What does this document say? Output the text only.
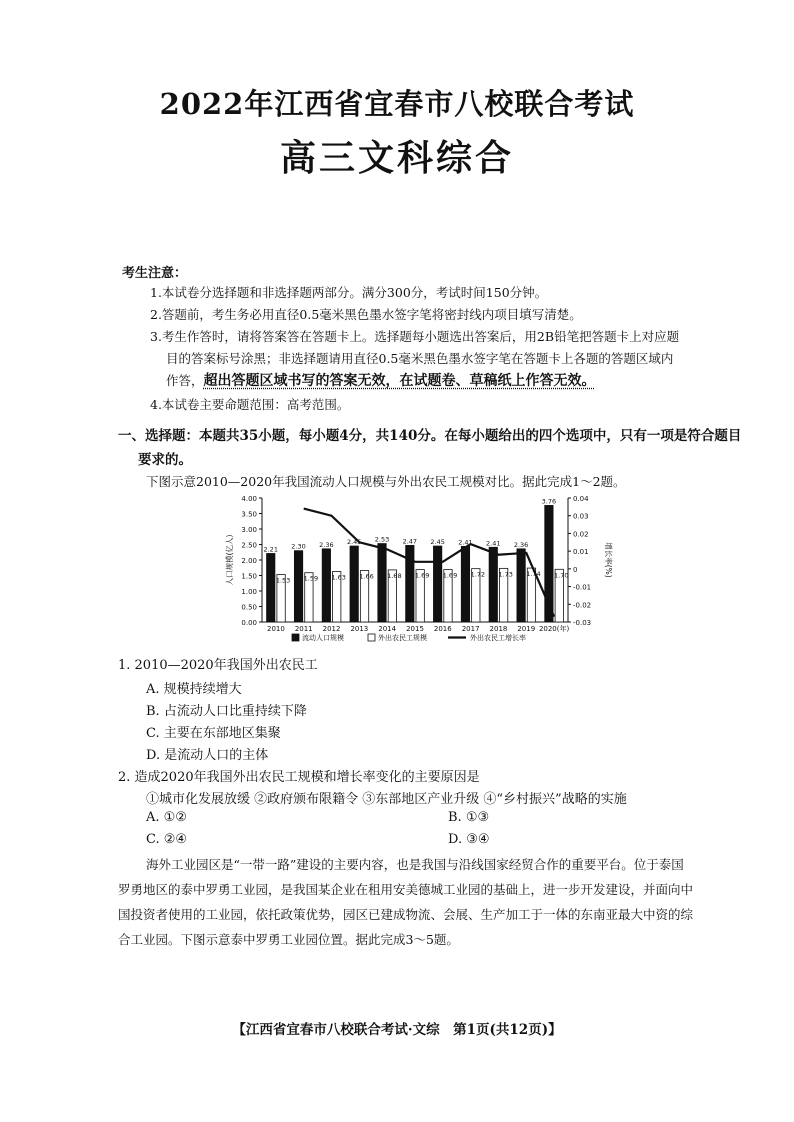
2022年江西省宜春市八校联合考试
高三文科综合
考生注意：
1.本试卷分选择题和非选择题两部分。满分300分，考试时间150分钟。
2.答题前，考生务必用直径0.5毫米黑色墨水签字笔将密封线内项目填写清楚。
3.考生作答时，请将答案答在答题卡上。选择题每小题选出答案后，用2B铅笔把答题卡上对应题
目的答案标号涂黑；非选择题请用直径0.5毫米黑色墨水签字笔在答题卡上各题的答题区域内
作答，超出答题区域书写的答案无效，在试题卷、草稿纸上作答无效。
4.本试卷主要命题范围：高考范围。
一、选择题：本题共35小题，每小题4分，共140分。在每小题给出的四个选项中，只有一项是符合题目
要求的。
下图示意2010—2020年我国流动人口规模与外出农民工规模对比。据此完成1～2题。
0.00
0.50
1.00
1.50
2.00
2.50
3.00
3.50
4.00
-0.03
-0.02
-0.01
0
0.01
0.02
0.03
0.04
人口规模(亿人)	增长率(%)
2.21
1.53
2010
2.30
1.59
2011
2.36
1.63
2012
2.45
1.66
2013
2.53
1.68
2014
2.47
1.69
2015
2.45
1.69
2016
2.41
1.72
2017
2.41
1.73
2018
2.36
1.74
2019
3.76
1.70
2020(年)
流动人口规模	外出农民工规模	外出农民工增长率
1. 2010—2020年我国外出农民工
A. 规模持续增大
B. 占流动人口比重持续下降
C. 主要在东部地区集聚
D. 是流动人口的主体
2. 造成2020年我国外出农民工规模和增长率变化的主要原因是
①城市化发展放缓 ②政府颁布限籍令 ③东部地区产业升级 ④“乡村振兴”战略的实施
A. ①②	B. ①③
C. ②④	D. ③④
海外工业园区是“一带一路”建设的主要内容，也是我国与沿线国家经贸合作的重要平台。位于泰国
罗勇地区的泰中罗勇工业园，是我国某企业在租用安美德城工业园的基础上，进一步开发建设，并面向中
国投资者使用的工业园，依托政策优势，园区已建成物流、会展、生产加工于一体的东南亚最大中资的综
合工业园。下图示意泰中罗勇工业园位置。据此完成3～5题。
【江西省宜春市八校联合考试·文综　第1页(共12页)】
